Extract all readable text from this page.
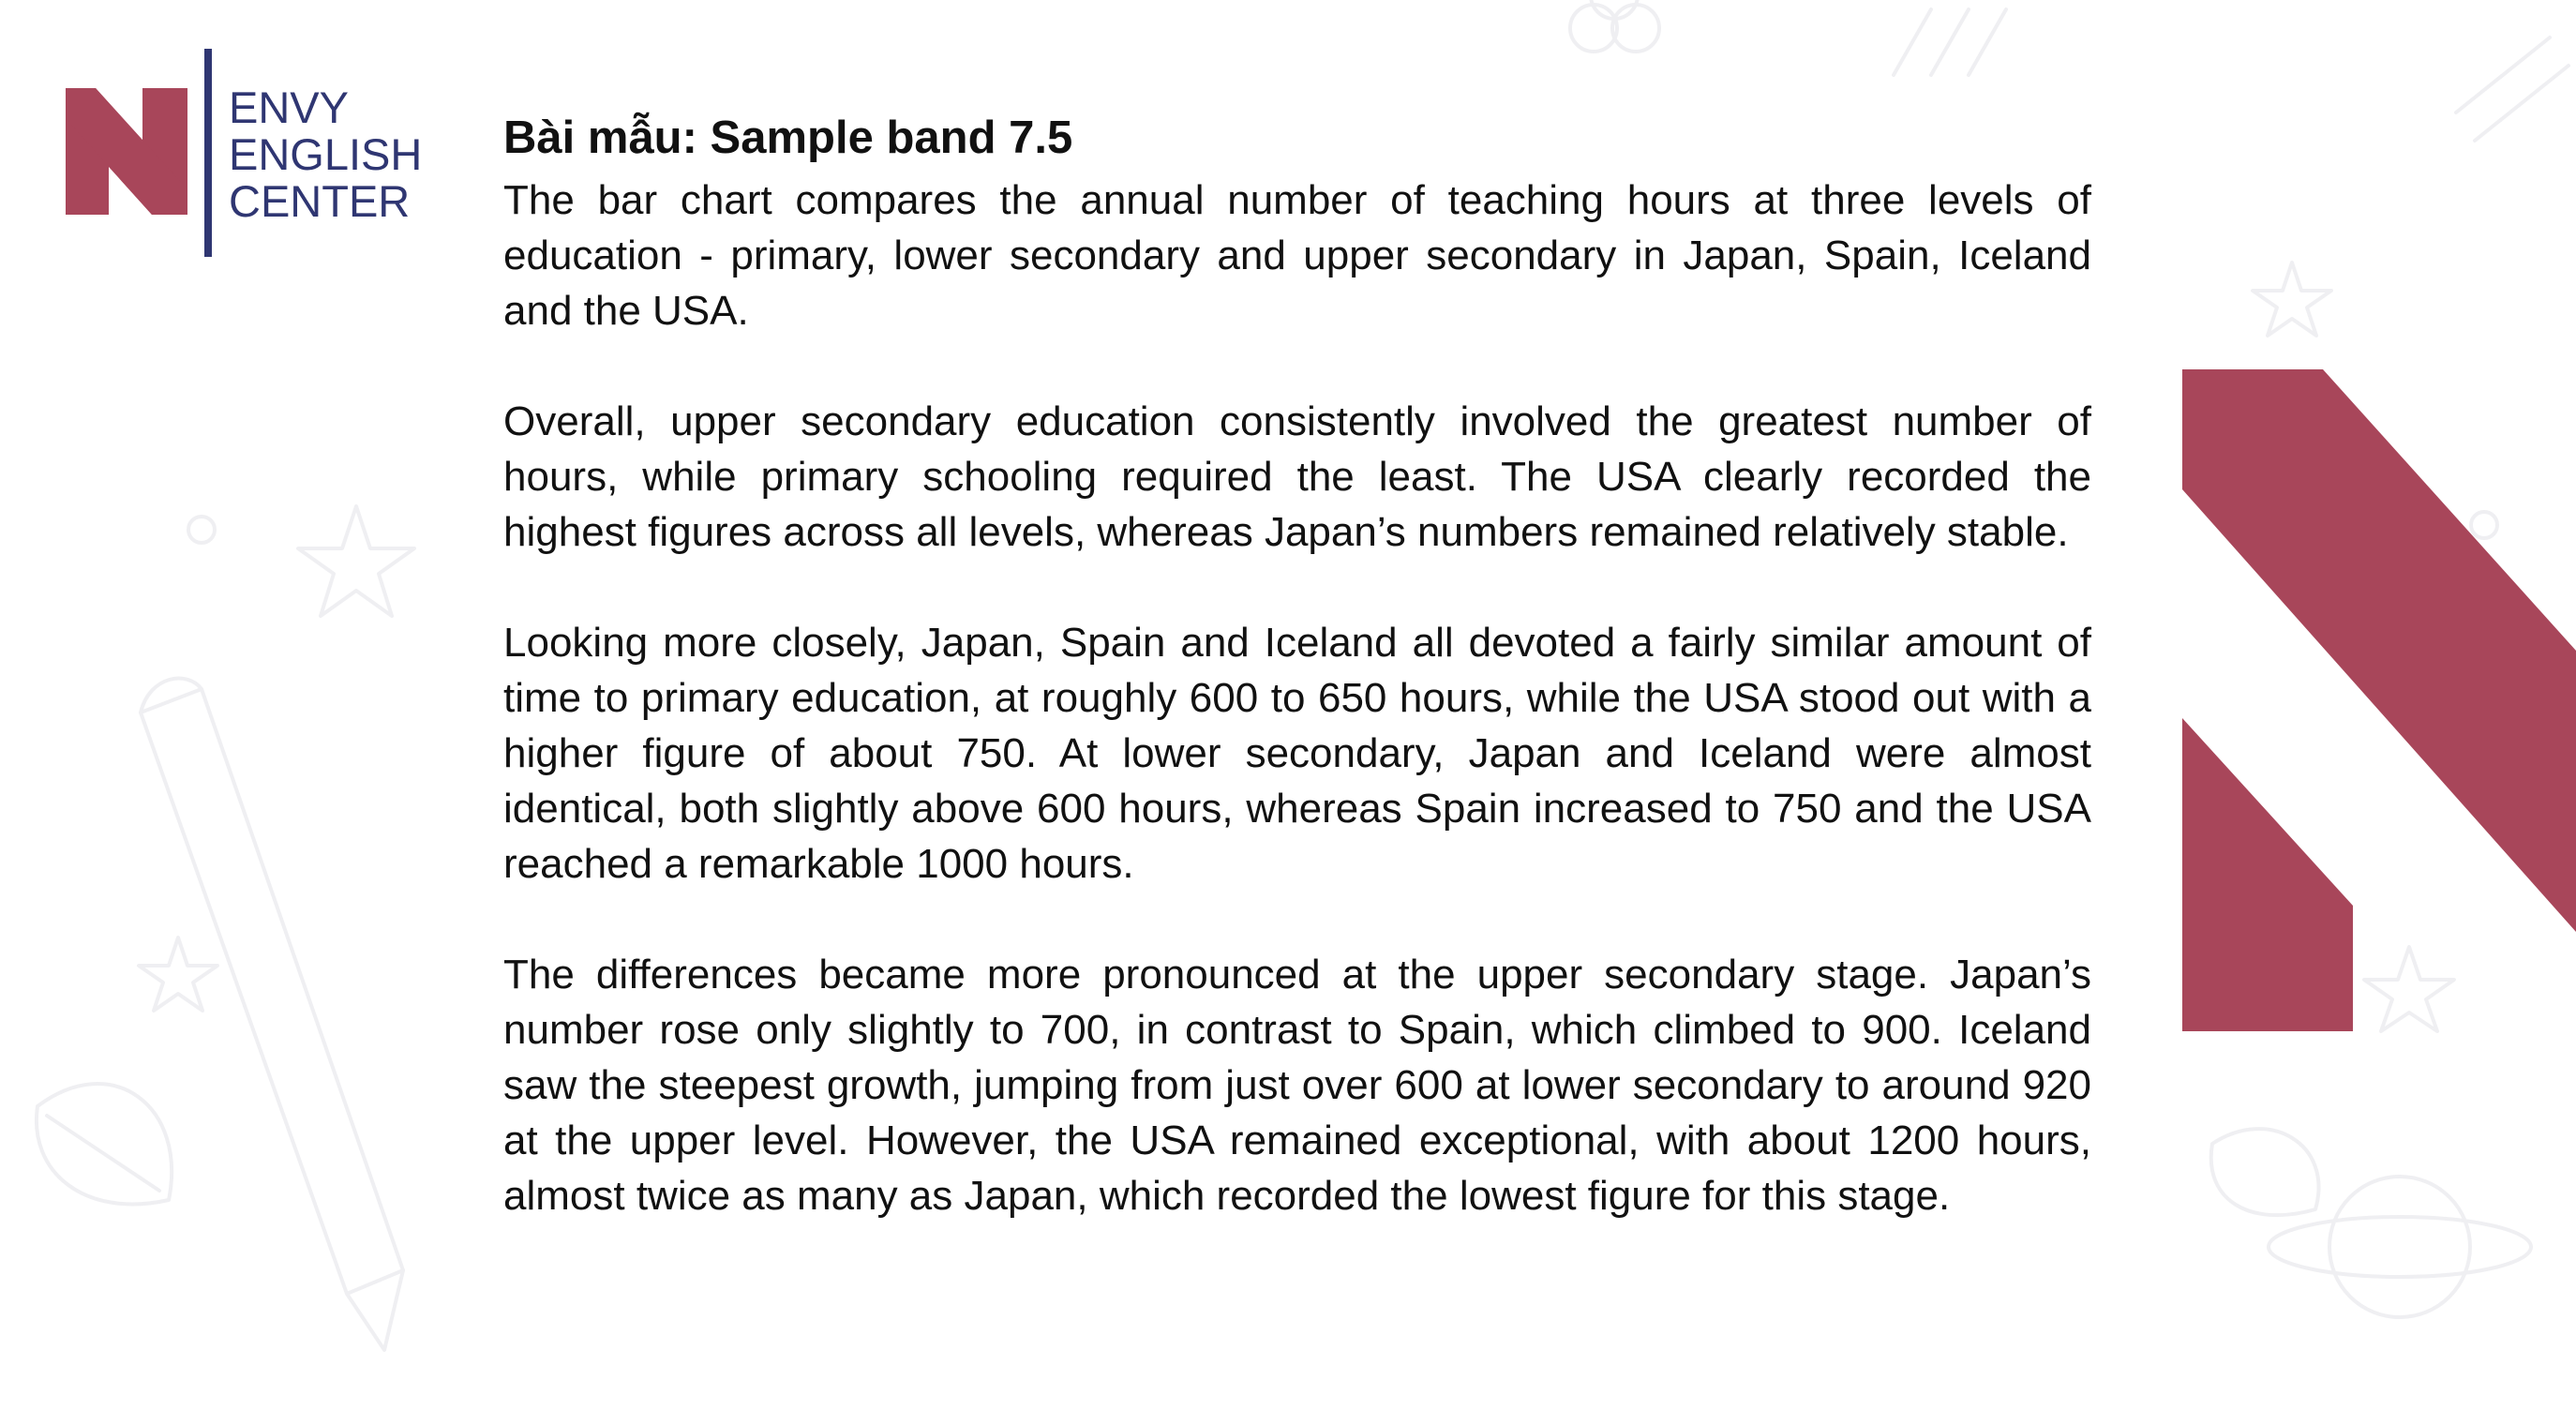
ENVY
ENGLISH
CENTER
Bài mẫu: Sample band 7.5

The bar chart compares the annual number of teaching hours at three levels of education - primary, lower secondary and upper secondary in Japan, Spain, Iceland and the USA.

Overall, upper secondary education consistently involved the greatest number of hours, while primary schooling required the least. The USA clearly recorded the highest figures across all levels, whereas Japan’s numbers remained relatively stable.

Looking more closely, Japan, Spain and Iceland all devoted a fairly similar amount of time to primary education, at roughly 600 to 650 hours, while the USA stood out with a higher figure of about 750. At lower secondary, Japan and Iceland were almost identical, both slightly above 600 hours, whereas Spain increased to 750 and the USA reached a remarkable 1000 hours.

The differences became more pronounced at the upper secondary stage. Japan’s number rose only slightly to 700, in contrast to Spain, which climbed to 900. Iceland saw the steepest growth, jumping from just over 600 at lower secondary to around 920 at the upper level. However, the USA remained exceptional, with about 1200 hours, almost twice as many as Japan, which recorded the lowest figure for this stage.
